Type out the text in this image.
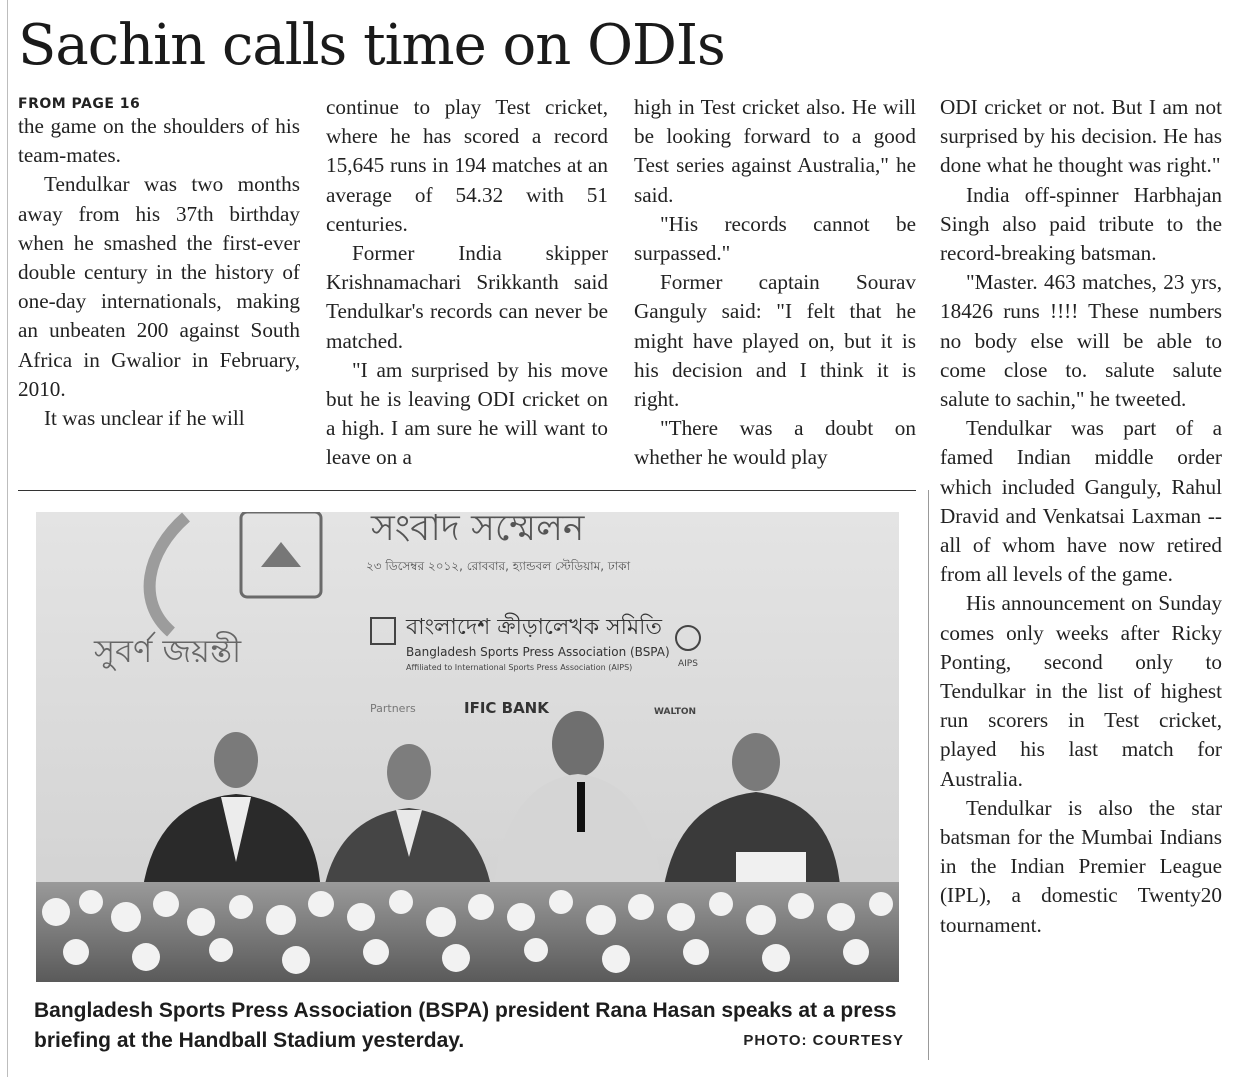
Sachin calls time on ODIs
FROM PAGE 16

the game on the shoulders of his team-mates.

Tendulkar was two months away from his 37th birthday when he smashed the first-ever double century in the history of one-day internationals, making an unbeaten 200 against South Africa in Gwalior in February, 2010.

It was unclear if he will

continue to play Test cricket, where he has scored a record 15,645 runs in 194 matches at an average of 54.32 with 51 centuries.

Former India skipper Krishnamachari Srikkanth said Tendulkar's records can never be matched.

"I am surprised by his move but he is leaving ODI cricket on a high. I am sure he will want to leave on a

high in Test cricket also. He will be looking forward to a good Test series against Australia," he said.

"His records cannot be surpassed."

Former captain Sourav Ganguly said: "I felt that he might have played on, but it is his decision and I think it is right.

"There was a doubt on whether he would play

ODI cricket or not. But I am not surprised by his decision. He has done what he thought was right."

India off-spinner Harbhajan Singh also paid tribute to the record-breaking batsman.

"Master. 463 matches, 23 yrs, 18426 runs !!!! These numbers no body else will be able to come close to. salute salute salute to sachin," he tweeted.

Tendulkar was part of a famed Indian middle order which included Ganguly, Rahul Dravid and Venkatsai Laxman -- all of whom have now retired from all levels of the game.

His announcement on Sunday comes only weeks after Ricky Ponting, second only to Tendulkar in the list of highest run scorers in Test cricket, played his last match for Australia.

Tendulkar is also the star batsman for the Mumbai Indians in the Indian Premier League (IPL), a domestic Twenty20 tournament.

সংবাদ সম্মেলন
২৩ ডিসেম্বর ২০১২, রোববার, হ্যান্ডবল স্টেডিয়াম, ঢাকা
সুবর্ণ জয়ন্তী
বাংলাদেশ ক্রীড়ালেখক সমিতি
Bangladesh Sports Press Association (BSPA)
Affiliated to International Sports Press Association (AIPS)	AIPS
Partners	IFIC BANK	WALTON
Bangladesh Sports Press Association (BSPA) president Rana Hasan speaks at a press briefing at the Handball Stadium yesterday.	PHOTO: COURTESY
